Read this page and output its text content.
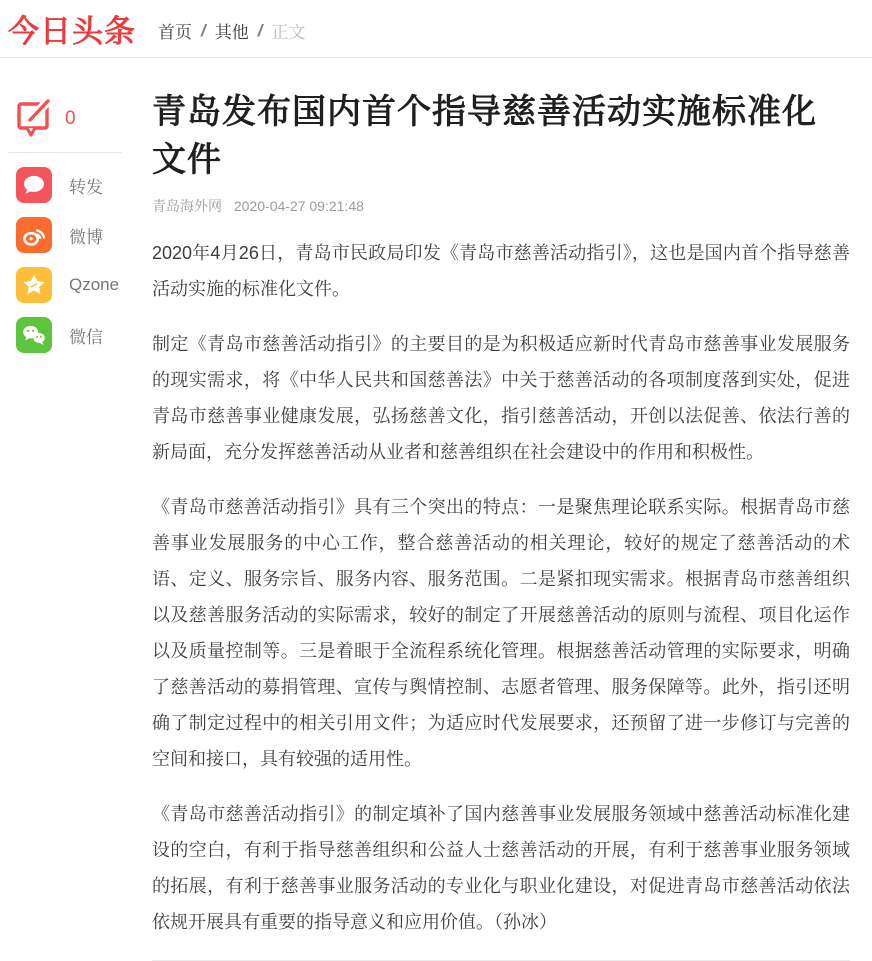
今日头条 首页 / 其他 / 正文
0
转发
微博
Qzone
微信
青岛发布国内首个指导慈善活动实施标准化文件
青岛海外网 2020-04-27 09:21:48

2020年4月26日，青岛市民政局印发《青岛市慈善活动指引》，这也是国内首个指导慈善活动实施的标准化文件。

制定《青岛市慈善活动指引》的主要目的是为积极适应新时代青岛市慈善事业发展服务的现实需求，将《中华人民共和国慈善法》中关于慈善活动的各项制度落到实处，促进青岛市慈善事业健康发展，弘扬慈善文化，指引慈善活动，开创以法促善、依法行善的新局面，充分发挥慈善活动从业者和慈善组织在社会建设中的作用和积极性。

《青岛市慈善活动指引》具有三个突出的特点：一是聚焦理论联系实际。根据青岛市慈善事业发展服务的中心工作，整合慈善活动的相关理论，较好的规定了慈善活动的术语、定义、服务宗旨、服务内容、服务范围。二是紧扣现实需求。根据青岛市慈善组织以及慈善服务活动的实际需求，较好的制定了开展慈善活动的原则与流程、项目化运作以及质量控制等。三是着眼于全流程系统化管理。根据慈善活动管理的实际要求，明确了慈善活动的募捐管理、宣传与舆情控制、志愿者管理、服务保障等。此外，指引还明确了制定过程中的相关引用文件；为适应时代发展要求，还预留了进一步修订与完善的空间和接口，具有较强的适用性。

《青岛市慈善活动指引》的制定填补了国内慈善事业发展服务领域中慈善活动标准化建设的空白，有利于指导慈善组织和公益人士慈善活动的开展，有利于慈善事业服务领域的拓展，有利于慈善事业服务活动的专业化与职业化建设，对促进青岛市慈善活动依法依规开展具有重要的指导意义和应用价值。（孙冰）
